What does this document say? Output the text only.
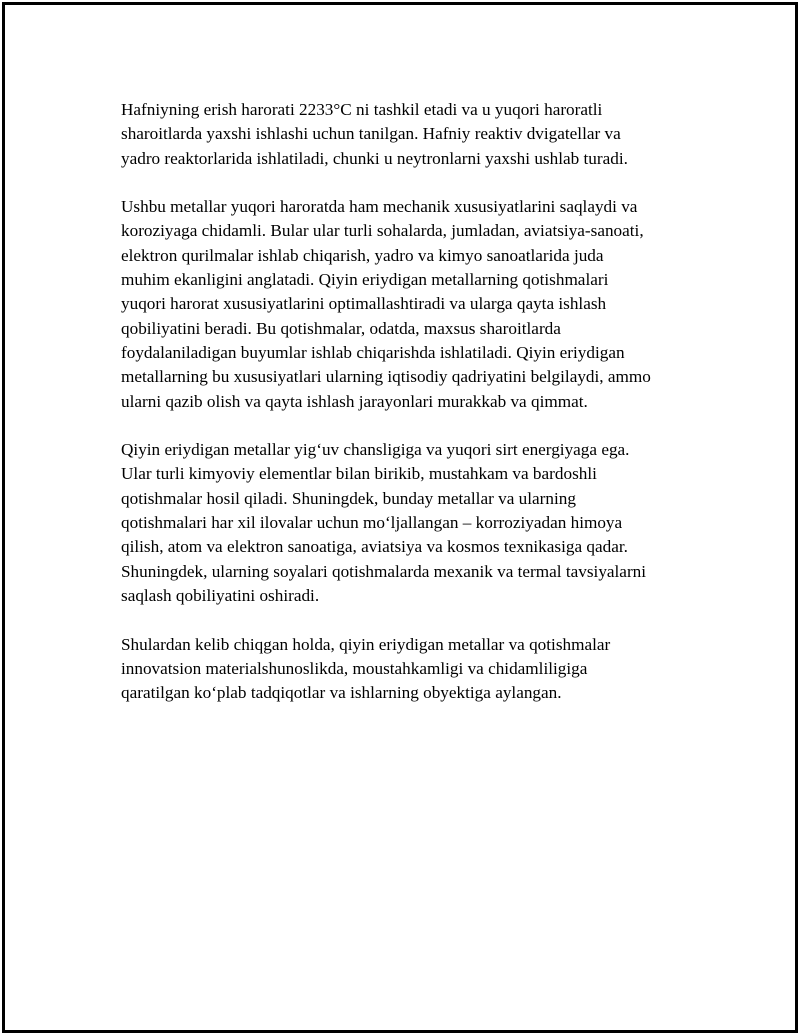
Hafniyning erish harorati 2233°C ni tashkil etadi va u yuqori haroratli
sharoitlarda yaxshi ishlashi uchun tanilgan. Hafniy reaktiv dvigatellar va
yadro reaktorlarida ishlatiladi, chunki u neytronlarni yaxshi ushlab turadi.

Ushbu metallar yuqori haroratda ham mechanik xususiyatlarini saqlaydi va
koroziyaga chidamli. Bular ular turli sohalarda, jumladan, aviatsiya-sanoati,
elektron qurilmalar ishlab chiqarish, yadro va kimyo sanoatlarida juda
muhim ekanligini anglatadi. Qiyin eriydigan metallarning qotishmalari
yuqori harorat xususiyatlarini optimallashtiradi va ularga qayta ishlash
qobiliyatini beradi. Bu qotishmalar, odatda, maxsus sharoitlarda
foydalaniladigan buyumlar ishlab chiqarishda ishlatiladi. Qiyin eriydigan
metallarning bu xususiyatlari ularning iqtisodiy qadriyatini belgilaydi, ammo
ularni qazib olish va qayta ishlash jarayonlari murakkab va qimmat.

Qiyin eriydigan metallar yig‘uv chansligiga va yuqori sirt energiyaga ega.
Ular turli kimyoviy elementlar bilan birikib, mustahkam va bardoshli
qotishmalar hosil qiladi. Shuningdek, bunday metallar va ularning
qotishmalari har xil ilovalar uchun mo‘ljallangan – korroziyadan himoya
qilish, atom va elektron sanoatiga, aviatsiya va kosmos texnikasiga qadar.
Shuningdek, ularning soyalari qotishmalarda mexanik va termal tavsiyalarni
saqlash qobiliyatini oshiradi.

Shulardan kelib chiqgan holda, qiyin eriydigan metallar va qotishmalar
innovatsion materialshunoslikda, moustahkamligi va chidamliligiga
qaratilgan ko‘plab tadqiqotlar va ishlarning obyektiga aylangan.
